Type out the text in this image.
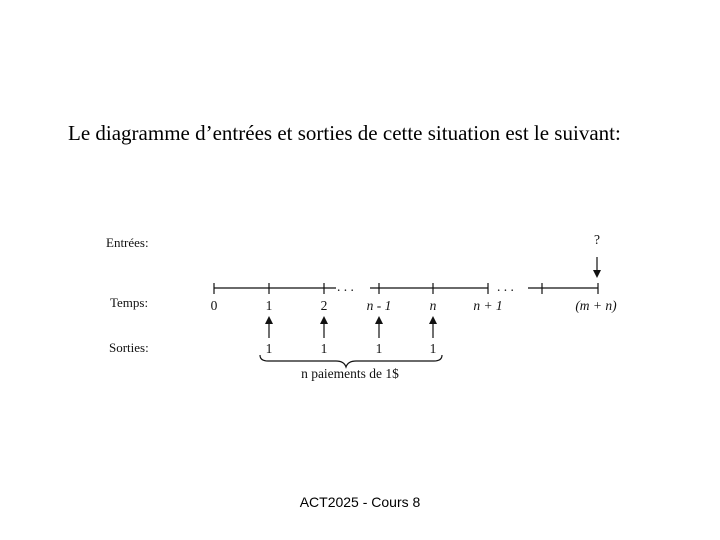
Le diagramme d’entrées et sorties de cette situation est le suivant:

Entrées:
Temps:
Sorties:
. . .	. . .
0	1	2	n - 1	n	n + 1	(m + n)
?
1	1	1	1
n paiements de 1$
ACT2025 - Cours 8
